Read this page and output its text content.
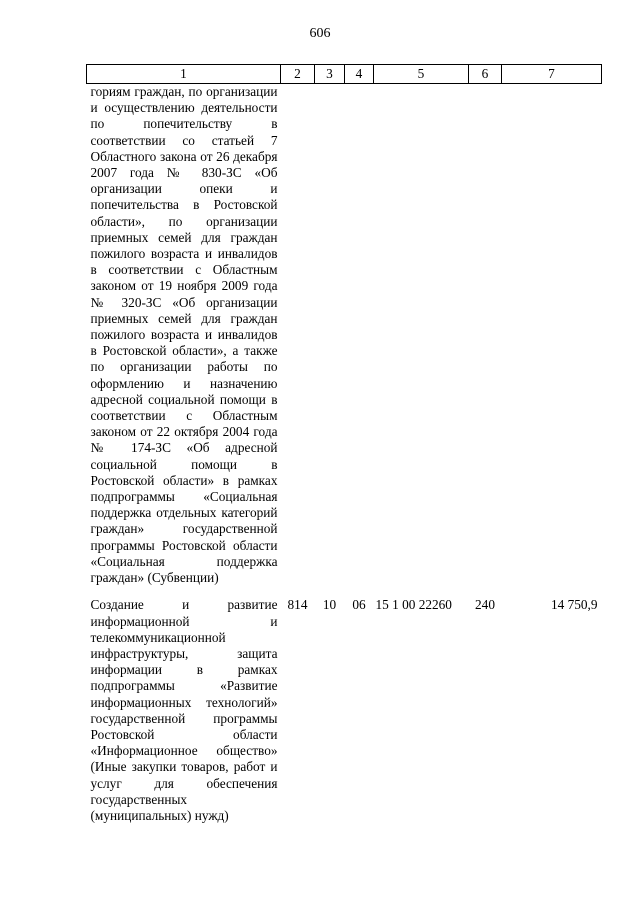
606
1	2	3	4	5	6	7
гориям граждан, по организации и осуществлению деятельности по попечительству в соответствии со статьей 7 Областного закона от 26 декабря 2007 года № 830-ЗС «Об организации опеки и попечительства в Ростовской области», по организации приемных семей для граждан пожилого возраста и инвалидов в соответствии с Областным законом от 19 ноября 2009 года № 320-ЗС «Об организации приемных семей для граждан пожилого возраста и инвалидов в Ростовской области», а также по организации работы по оформлению и назначению адресной социальной помощи в соответствии с Областным законом от 22 октября 2004 года № 174-ЗС «Об адресной социальной помощи в Ростовской области» в рамках подпрограммы «Социальная поддержка отдельных категорий граждан» государственной программы Ростовской области «Социальная поддержка граждан» (Субвенции)						
Создание и развитие информационной и телекоммуникационной инфраструктуры, защита информации в рамках подпрограммы «Развитие информационных технологий» государственной программы Ростовской области «Информационное общество» (Иные закупки товаров, работ и услуг для обеспечения государственных (муниципальных) нужд)	814	10	06	15 1 00 22260	240	14 750,9
